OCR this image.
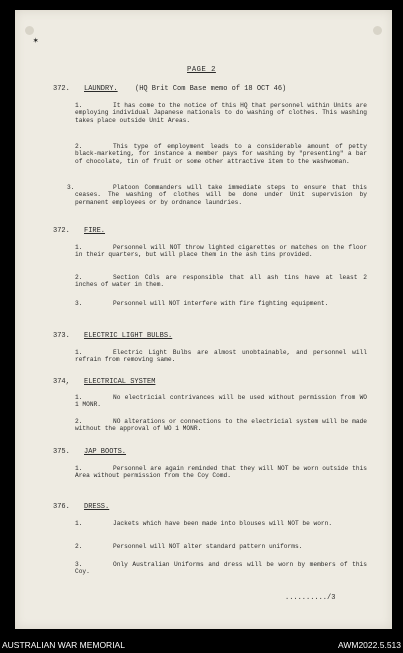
✶
PAGE 2
372. LAUNDRY. (HQ Brit Com Base memo of 18 OCT 46)
1.	It has come to the notice of this HQ that personnel within Units are employing individual Japanese nationals to do washing of clothes. This washing takes place outside Unit Areas.
2.	This type of employment leads to a considerable amount of petty black-marketing, for instance a member pays for washing by "presenting" a bar of chocolate, tin of fruit or some other attractive item to the washwoman.
3.	Platoon Commanders will take immediate steps to ensure that this ceases. The washing of clothes will be done under Unit supervision by permanent employees or by ordnance laundries.
372. FIRE.
1.	Personnel will NOT throw lighted cigarettes or matches on the floor in their quarters, but will place them in the ash tins provided.
2.	Section Cdls are responsible that all ash tins have at least 2 inches of water in them.
3.	Personnel will NOT interfere with fire fighting equipment.
373. ELECTRIC LIGHT BULBS.
1.	Electric Light Bulbs are almost unobtainable, and personnel will refrain from removing same.
374, ELECTRICAL SYSTEM
1.	No electricial contrivances will be used without permission from WO 1 MONR.
2.	NO alterations or connections to the electricial system will be made without the approval of WO 1 MONR.
375. JAP BOOTS.
1.	Personnel are again reminded that they will NOT be worn outside this Area without permission from the Coy Comd.
376. DRESS.
1.	Jackets which have been made into blouses will NOT be worn.
2.	Personnel will NOT alter standard pattern uniforms.
3.	Only Australian Uniforms and dress will be worn by members of this Coy.
........../3
AUSTRALIAN WAR MEMORIAL	AWM2022.5.513
